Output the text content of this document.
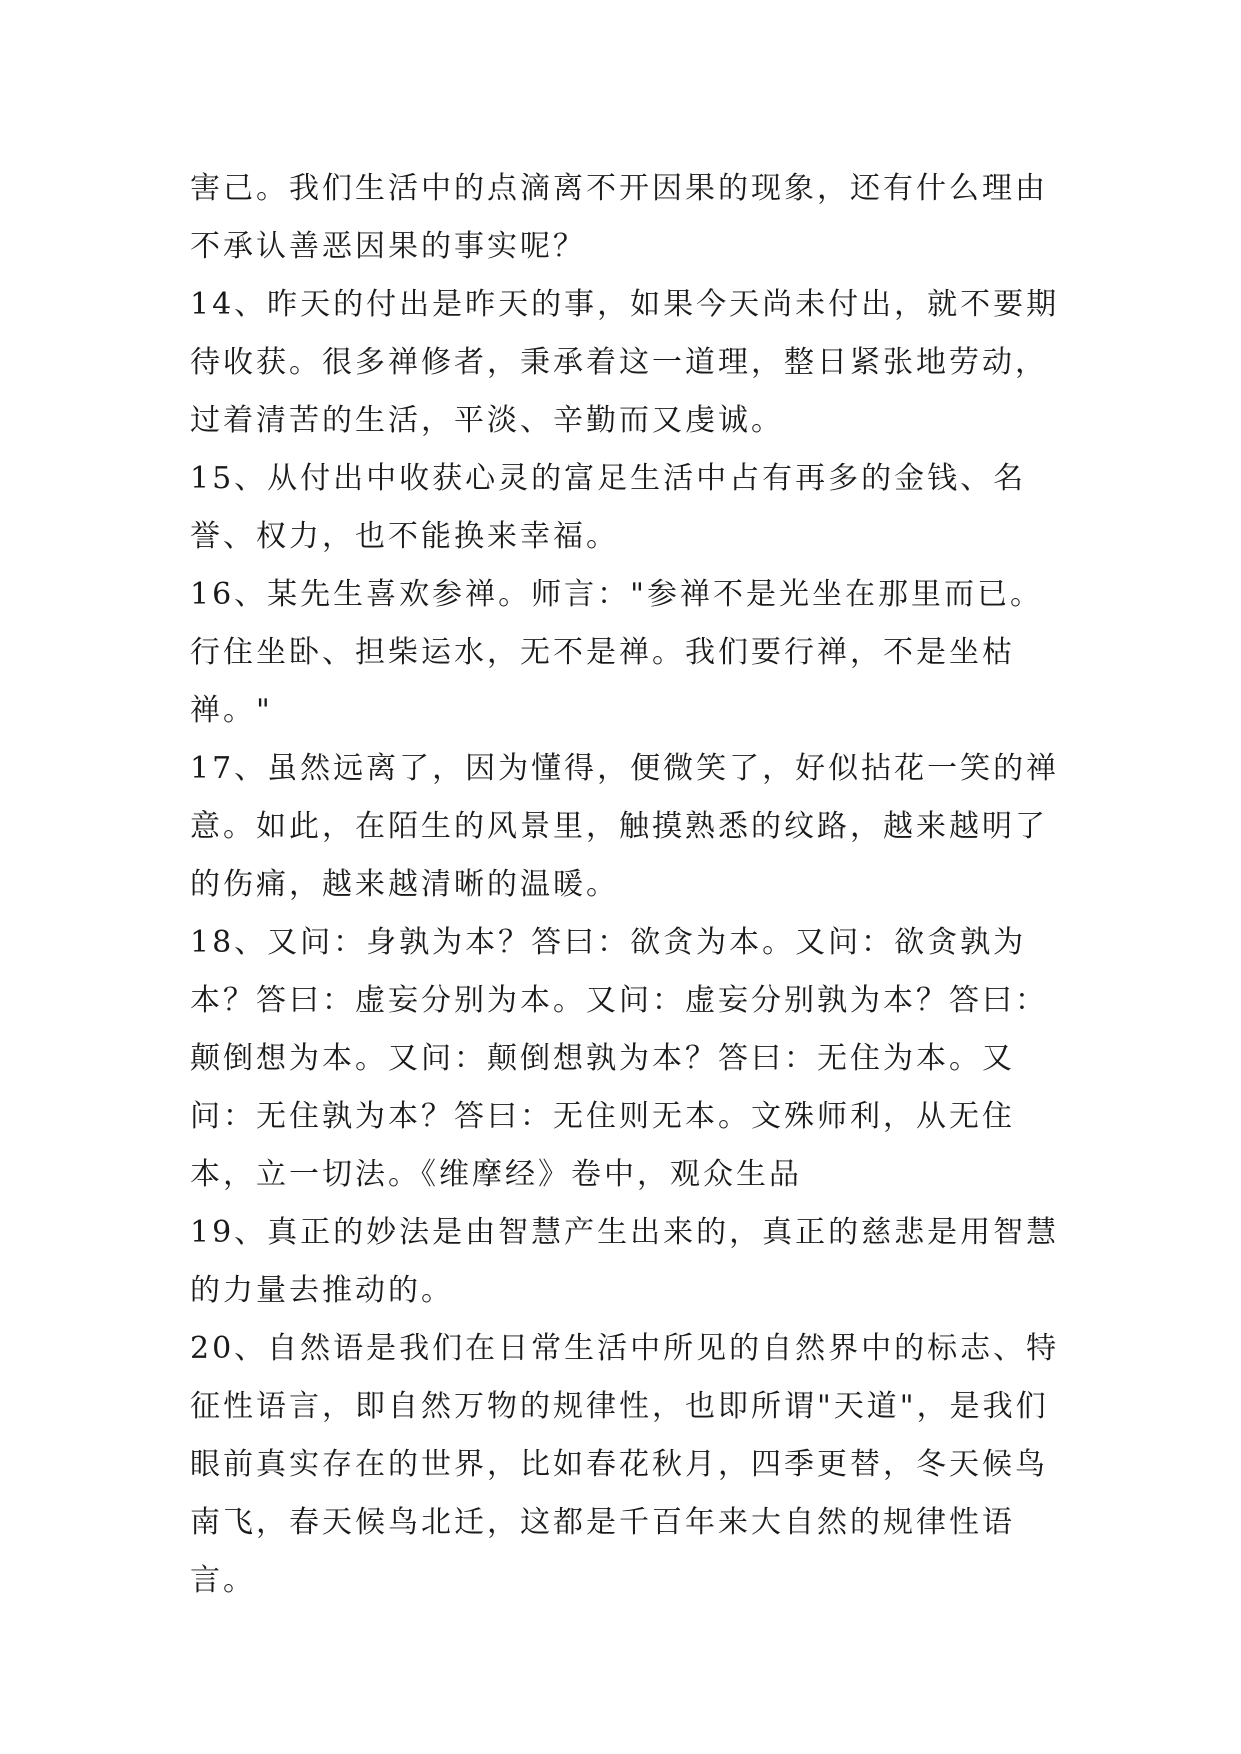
害己。我们生活中的点滴离不开因果的现象，还有什么理由不承认善恶因果的事实呢？

14、昨天的付出是昨天的事，如果今天尚未付出，就不要期待收获。很多禅修者，秉承着这一道理，整日紧张地劳动，过着清苦的生活，平淡、辛勤而又虔诚。

15、从付出中收获心灵的富足生活中占有再多的金钱、名誉、权力，也不能换来幸福。

16、某先生喜欢参禅。师言："参禅不是光坐在那里而已。行住坐卧、担柴运水，无不是禅。我们要行禅，不是坐枯禅。"

17、虽然远离了，因为懂得，便微笑了，好似拈花一笑的禅意。如此，在陌生的风景里，触摸熟悉的纹路，越来越明了的伤痛，越来越清晰的温暖。

18、又问：身孰为本？答曰：欲贪为本。又问：欲贪孰为本？答曰：虚妄分别为本。又问：虚妄分别孰为本？答曰：颠倒想为本。又问：颠倒想孰为本？答曰：无住为本。又问：无住孰为本？答曰：无住则无本。文殊师利，从无住本，立一切法。《维摩经》卷中，观众生品

19、真正的妙法是由智慧产生出来的，真正的慈悲是用智慧的力量去推动的。

20、自然语是我们在日常生活中所见的自然界中的标志、特征性语言，即自然万物的规律性，也即所谓"天道"，是我们眼前真实存在的世界，比如春花秋月，四季更替，冬天候鸟南飞，春天候鸟北迁，这都是千百年来大自然的规律性语言。
